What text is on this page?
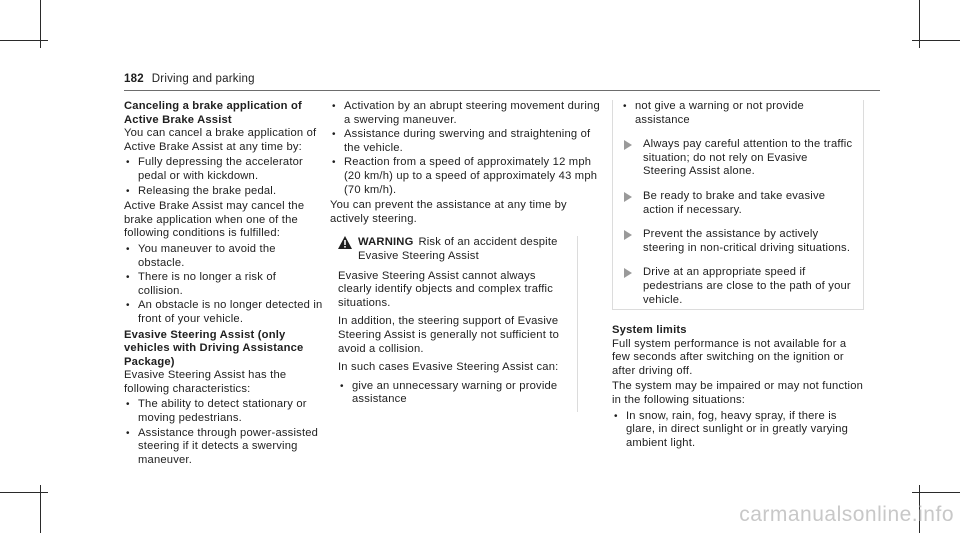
182 Driving and parking
Canceling a brake application of Active Brake Assist

You can cancel a brake application of Active Brake Assist at any time by:

• Fully depressing the accelerator pedal or with kickdown.
• Releasing the brake pedal.

Active Brake Assist may cancel the brake application when one of the following conditions is fulfilled:

• You maneuver to avoid the obstacle.
• There is no longer a risk of collision.
• An obstacle is no longer detected in front of your vehicle.
Evasive Steering Assist (only vehicles with Driving Assistance Package)

Evasive Steering Assist has the following characteristics:

• The ability to detect stationary or moving pedestrians.
• Assistance through power-assisted steering if it detects a swerving maneuver.
• Activation by an abrupt steering movement during a swerving maneuver.
• Assistance during swerving and straightening of the vehicle.
• Reaction from a speed of approximately 12 mph (20 km/h) up to a speed of approximately 43 mph (70 km/h).

You can prevent the assistance at any time by actively steering.

WARNING Risk of an accident despite Evasive Steering Assist

Evasive Steering Assist cannot always clearly identify objects and complex traffic situations.

In addition, the steering support of Evasive Steering Assist is generally not sufficient to avoid a collision.

In such cases Evasive Steering Assist can:

• give an unnecessary warning or provide assistance
• not give a warning or not provide assistance
Always pay careful attention to the traffic situation; do not rely on Evasive Steering Assist alone.
Be ready to brake and take evasive action if necessary.
Prevent the assistance by actively steering in non-critical driving situations.
Drive at an appropriate speed if pedestrians are close to the path of your vehicle.
System limits

Full system performance is not available for a few seconds after switching on the ignition or after driving off.

The system may be impaired or may not function in the following situations:

• In snow, rain, fog, heavy spray, if there is glare, in direct sunlight or in greatly varying ambient light.
carmanualsonline.info
